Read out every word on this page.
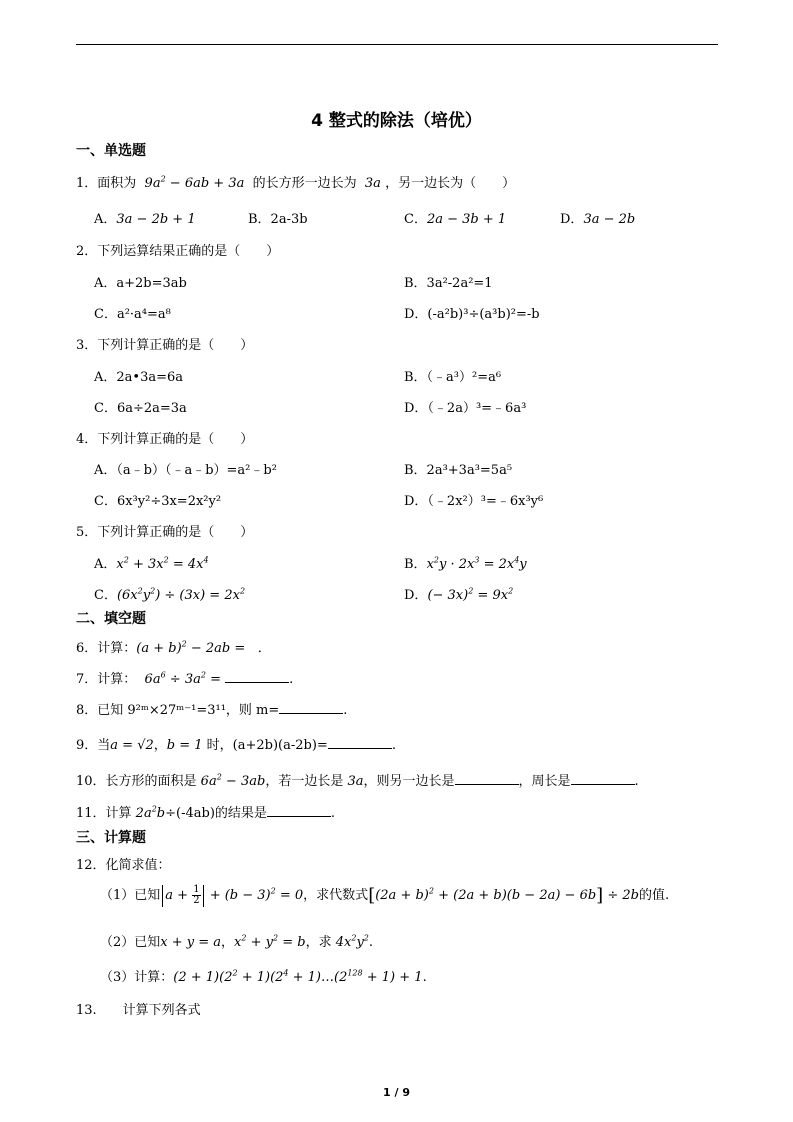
4 整式的除法（培优）
一、单选题
1．面积为  $9a^2 - 6ab + 3a$  的长方形一边长为  3a ，另一边长为（　　）
A．3a − 2b + 1	B．2a-3b	C．2a − 3b + 1	D．3a − 2b
2．下列运算结果正确的是（　　）
A．a+2b=3ab	B．3a²-2a²=1
C．a²·a⁴=a⁸	D．(-a²b)³÷(a³b)²=-b
3．下列计算正确的是（　　）
A．2a•3a=6a	B．（﹣a³）²=a⁶
C．6a÷2a=3a	D．（﹣2a）³=﹣6a³
4．下列计算正确的是（　　）
A．（a﹣b）（﹣a﹣b）=a²﹣b²	B．2a³+3a³=5a⁵
C．6x³y²÷3x=2x²y²	D．（﹣2x²）³=﹣6x³y⁶
5．下列计算正确的是（　　）
A．$x^2 + 3x^2 = 4x^4$	B．$x^2y \cdot 2x^3 = 2x^4y$
C．$(6x^2y^2) \div (3x) = 2x^2$	D．(− $3x)^2 = 9x^2$
二、填空题
6．计算：$(a + b)^2 - 2ab$ =   ．
7．计算：  $6a^6 \div 3a^2$ =	.
8．已知 9²ᵐ×27ᵐ⁻¹=3¹¹，则 m=	.
9．当a = √2，b = 1 时，(a+2b)(a-2b)=	.
10．长方形的面积是 $6a^2 - 3ab$，若一边长是 3a，则另一边长是	，周长是	.
11．计算 $2a^2b\div(-4ab)$的结果是	.
三、计算题
12．化简求值：
（1）已知 $a + \frac{1}{2} + (b - 3)^2 = 0$，求代数式$[(2a + b)^2 + (2a + b)(b - 2a) - 6b] \div 2b$的值.
（2）已知x + y = a，$x^2 + y^2 = b$，求 $4x^2y^2$.
（3）计算：$(2 + 1)(2^2 + 1)(2^4$ + $1)\dots(2^{128} + 1) + 1$.
13.　　计算下列各式
1 / 9
